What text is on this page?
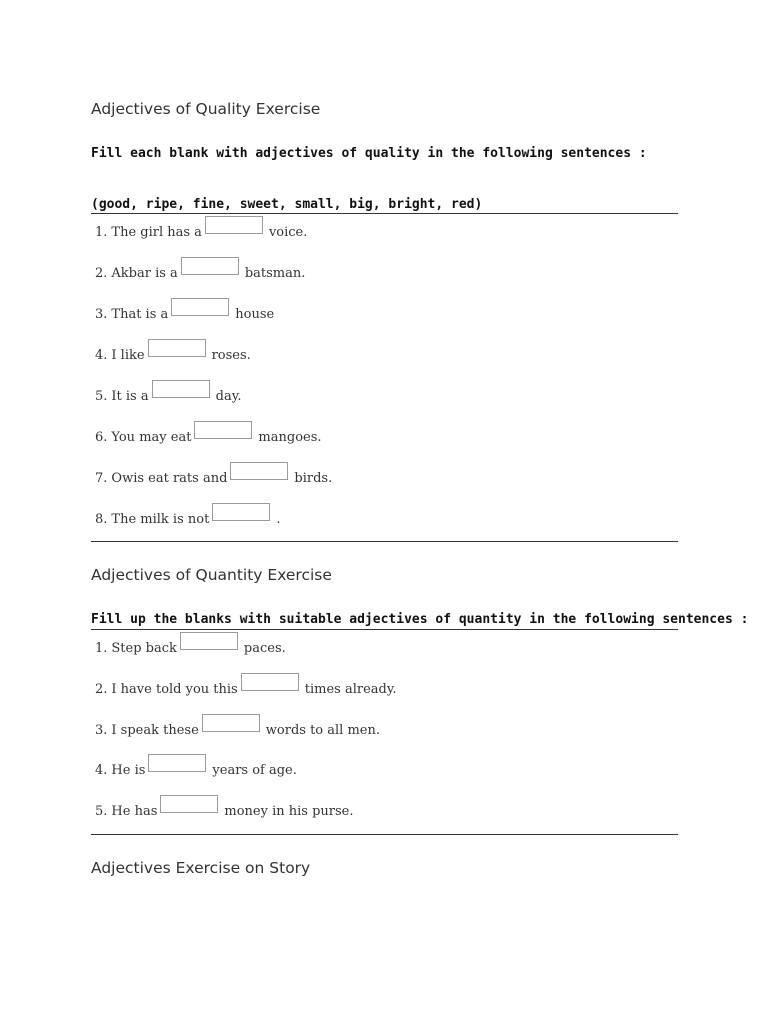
Adjectives of Quality Exercise
Fill each blank with adjectives of quality in the following sentences :
(good, ripe, fine, sweet, small, big, bright, red)
1. The girl has a	voice.
2. Akbar is a	batsman.
3. That is a	house
4. I like	roses.
5. It is a	day.
6. You may eat	mangoes.
7. Owis eat rats and	birds.
8. The milk is not	.
Adjectives of Quantity Exercise
Fill up the blanks with suitable adjectives of quantity in the following sentences :
1. Step back	paces.
2. I have told you this	times already.
3. I speak these	words to all men.
4. He is	years of age.
5. He has	money in his purse.
Adjectives Exercise on Story
